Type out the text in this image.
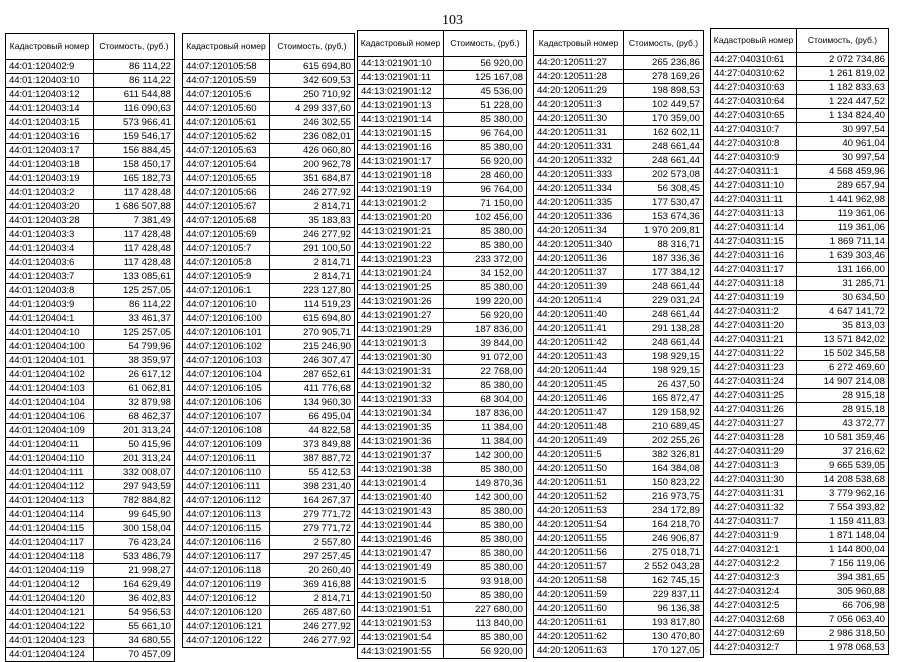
103
Кадастровый номер	Стоимость, (руб.)
44:01:120402:9	86 114,22
44:01:120403:10	86 114,22
44:01:120403:12	611 544,88
44:01:120403:14	116 090,63
44:01:120403:15	573 966,41
44:01:120403:16	159 546,17
44:01:120403:17	156 884,45
44:01:120403:18	158 450,17
44:01:120403:19	165 182,73
44:01:120403:2	117 428,48
44:01:120403:20	1 686 507,88
44:01:120403:28	7 381,49
44:01:120403:3	117 428,48
44:01:120403:4	117 428,48
44:01:120403:6	117 428,48
44:01:120403:7	133 085,61
44:01:120403:8	125 257,05
44:01:120403:9	86 114,22
44:01:120404:1	33 461,37
44:01:120404:10	125 257,05
44:01:120404:100	54 799,96
44:01:120404:101	38 359,97
44:01:120404:102	26 617,12
44:01:120404:103	61 062,81
44:01:120404:104	32 879,98
44:01:120404:106	68 462,37
44:01:120404:109	201 313,24
44:01:120404:11	50 415,96
44:01:120404:110	201 313,24
44:01:120404:111	332 008,07
44:01:120404:112	297 943,59
44:01:120404:113	782 884,82
44:01:120404:114	99 645,90
44:01:120404:115	300 158,04
44:01:120404:117	76 423,24
44:01:120404:118	533 486,79
44:01:120404:119	21 998,27
44:01:120404:12	164 629,49
44:01:120404:120	36 402,83
44:01:120404:121	54 956,53
44:01:120404:122	55 661,10
44:01:120404:123	34 680,55
44:01:120404:124	70 457,09
Кадастровый номер	Стоимость, (руб.)
44:07:120105:58	615 694,80
44:07:120105:59	342 609,53
44:07:120105:6	250 710,92
44:07:120105:60	4 299 337,60
44:07:120105:61	246 302,55
44:07:120105:62	236 082,01
44:07:120105:63	426 060,80
44:07:120105:64	200 962,78
44:07:120105:65	351 684,87
44:07:120105:66	246 277,92
44:07:120105:67	2 814,71
44:07:120105:68	35 183,83
44:07:120105:69	246 277,92
44:07:120105:7	291 100,50
44:07:120105:8	2 814,71
44:07:120105:9	2 814,71
44:07:120106:1	223 127,80
44:07:120106:10	114 519,23
44:07:120106:100	615 694,80
44:07:120106:101	270 905,71
44:07:120106:102	215 246,90
44:07:120106:103	246 307,47
44:07:120106:104	287 652,61
44:07:120106:105	411 776,68
44:07:120106:106	134 960,30
44:07:120106:107	66 495,04
44:07:120106:108	44 822,58
44:07:120106:109	373 849,88
44:07:120106:11	387 887,72
44:07:120106:110	55 412,53
44:07:120106:111	398 231,40
44:07:120106:112	164 267,37
44:07:120106:113	279 771,72
44:07:120106:115	279 771,72
44:07:120106:116	2 557,80
44:07:120106:117	297 257,45
44:07:120106:118	20 260,40
44:07:120106:119	369 416,88
44:07:120106:12	2 814,71
44:07:120106:120	265 487,60
44:07:120106:121	246 277,92
44:07:120106:122	246 277,92
Кадастровый номер	Стоимость, (руб.)
44:13:021901:10	56 920,00
44:13:021901:11	125 167,08
44:13:021901:12	45 536,00
44:13:021901:13	51 228,00
44:13:021901:14	85 380,00
44:13:021901:15	96 764,00
44:13:021901:16	85 380,00
44:13:021901:17	56 920,00
44:13:021901:18	28 460,00
44:13:021901:19	96 764,00
44:13:021901:2	71 150,00
44:13:021901:20	102 456,00
44:13:021901:21	85 380,00
44:13:021901:22	85 380,00
44:13:021901:23	233 372,00
44:13:021901:24	34 152,00
44:13:021901:25	85 380,00
44:13:021901:26	199 220,00
44:13:021901:27	56 920,00
44:13:021901:29	187 836,00
44:13:021901:3	39 844,00
44:13:021901:30	91 072,00
44:13:021901:31	22 768,00
44:13:021901:32	85 380,00
44:13:021901:33	68 304,00
44:13:021901:34	187 836,00
44:13:021901:35	11 384,00
44:13:021901:36	11 384,00
44:13:021901:37	142 300,00
44:13:021901:38	85 380,00
44:13:021901:4	149 870,36
44:13:021901:40	142 300,00
44:13:021901:43	85 380,00
44:13:021901:44	85 380,00
44:13:021901:46	85 380,00
44:13:021901:47	85 380,00
44:13:021901:49	85 380,00
44:13:021901:5	93 918,00
44:13:021901:50	85 380,00
44:13:021901:51	227 680,00
44:13:021901:53	113 840,00
44:13:021901:54	85 380,00
44:13:021901:55	56 920,00
Кадастровый номер	Стоимость, (руб.)
44:20:120511:27	265 236,86
44:20:120511:28	278 169,26
44:20:120511:29	198 898,53
44:20:120511:3	102 449,57
44:20:120511:30	170 359,00
44:20:120511:31	162 602,11
44:20:120511:331	248 661,44
44:20:120511:332	248 661,44
44:20:120511:333	202 573,08
44:20:120511:334	56 308,45
44:20:120511:335	177 530,47
44:20:120511:336	153 674,36
44:20:120511:34	1 970 209,81
44:20:120511:340	88 316,71
44:20:120511:36	187 336,36
44:20:120511:37	177 384,12
44:20:120511:39	248 661,44
44:20:120511:4	229 031,24
44:20:120511:40	248 661,44
44:20:120511:41	291 138,28
44:20:120511:42	248 661,44
44:20:120511:43	198 929,15
44:20:120511:44	198 929,15
44:20:120511:45	26 437,50
44:20:120511:46	165 872,47
44:20:120511:47	129 158,92
44:20:120511:48	210 689,45
44:20:120511:49	202 255,26
44:20:120511:5	382 326,81
44:20:120511:50	164 384,08
44:20:120511:51	150 823,22
44:20:120511:52	216 973,75
44:20:120511:53	234 172,89
44:20:120511:54	164 218,70
44:20:120511:55	246 906,87
44:20:120511:56	275 018,71
44:20:120511:57	2 552 043,28
44:20:120511:58	162 745,15
44:20:120511:59	229 837,11
44:20:120511:60	96 136,38
44:20:120511:61	193 817,80
44:20:120511:62	130 470,80
44:20:120511:63	170 127,05
Кадастровый номер	Стоимость, (руб.)
44:27:040310:61	2 072 734,86
44:27:040310:62	1 261 819,02
44:27:040310:63	1 182 833,63
44:27:040310:64	1 224 447,52
44:27:040310:65	1 134 824,40
44:27:040310:7	30 997,54
44:27:040310:8	40 961,04
44:27:040310:9	30 997,54
44:27:040311:1	4 568 459,96
44:27:040311:10	289 657,94
44:27:040311:11	1 441 962,98
44:27:040311:13	119 361,06
44:27:040311:14	119 361,06
44:27:040311:15	1 869 711,14
44:27:040311:16	1 639 303,46
44:27:040311:17	131 166,00
44:27:040311:18	31 285,71
44:27:040311:19	30 634,50
44:27:040311:2	4 647 141,72
44:27:040311:20	35 813,03
44:27:040311:21	13 571 842,02
44:27:040311:22	15 502 345,58
44:27:040311:23	6 272 469,60
44:27:040311:24	14 907 214,08
44:27:040311:25	28 915,18
44:27:040311:26	28 915,18
44:27:040311:27	43 372,77
44:27:040311:28	10 581 359,46
44:27:040311:29	37 216,62
44:27:040311:3	9 665 539,05
44:27:040311:30	14 208 538,68
44:27:040311:31	3 779 962,16
44:27:040311:32	7 554 393,82
44:27:040311:7	1 159 411,83
44:27:040311:9	1 871 148,04
44:27:040312:1	1 144 800,04
44:27:040312:2	7 156 119,06
44:27:040312:3	394 381,65
44:27:040312:4	305 960,88
44:27:040312:5	66 706,98
44:27:040312:68	7 056 063,40
44:27:040312:69	2 986 318,50
44:27:040312:7	1 978 068,53
